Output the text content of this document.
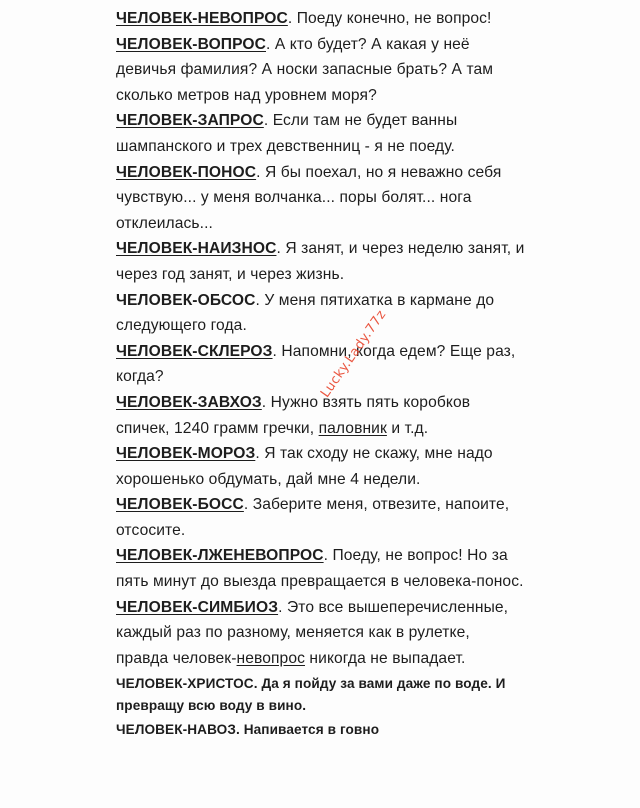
ЧЕЛОВЕК-НЕВОПРОС. Поеду конечно, не вопрос!
ЧЕЛОВЕК-ВОПРОС. А кто будет? А какая у неё девичья фамилия? А носки запасные брать? А там сколько метров над уровнем моря?
ЧЕЛОВЕК-ЗАПРОС. Если там не будет ванны шампанского и трех девственниц - я не поеду.
ЧЕЛОВЕК-ПОНОС. Я бы поехал, но я неважно себя чувствую... у меня волчанка... поры болят... нога отклеилась...
ЧЕЛОВЕК-НАИЗНОС. Я занят, и через неделю занят, и через год занят, и через жизнь.
ЧЕЛОВЕК-ОБСОС. У меня пятихатка в кармане до следующего года.
ЧЕЛОВЕК-СКЛЕРОЗ. Напомни, когда едем? Еще раз, когда?
ЧЕЛОВЕК-ЗАВХОЗ. Нужно взять пять коробков спичек, 1240 грамм гречки, паловник и т.д.
ЧЕЛОВЕК-МОРОЗ. Я так сходу не скажу, мне надо хорошенько обдумать, дай мне 4 недели.
ЧЕЛОВЕК-БОСС. Заберите меня, отвезите, напоите, отсосите.
ЧЕЛОВЕК-ЛЖЕНЕВОПРОС. Поеду, не вопрос! Но за пять минут до выезда превращается в человека-понос.
ЧЕЛОВЕК-СИМБИОЗ. Это все вышеперечисленные, каждый раз по разному, меняется как в рулетке, правда человек-невопрос никогда не выпадает.
ЧЕЛОВЕК-ХРИСТОС. Да я пойду за вами даже по воде. И превращу всю воду в вино.
ЧЕЛОВЕК-НАВОЗ. Напивается в говно
Lucky.Lady.77z
